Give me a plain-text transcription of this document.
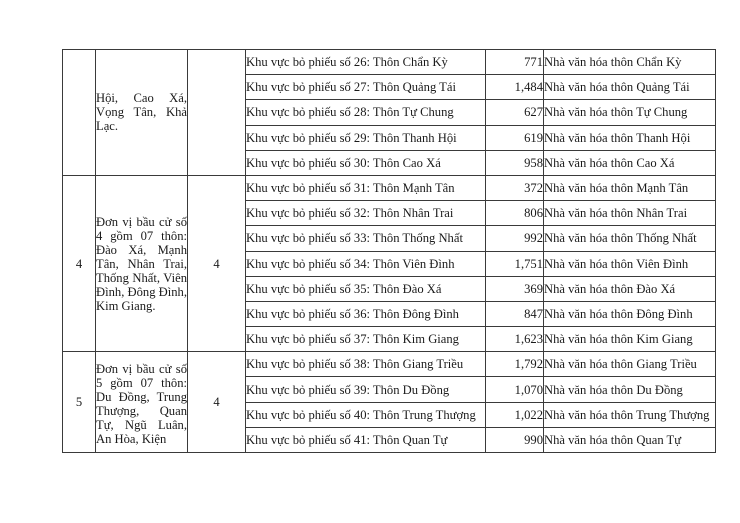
	Hội, Cao Xá, Vọng Tân, Khả Lạc.		Khu vực bỏ phiếu số 26: Thôn Chẩn Kỳ	771	Nhà văn hóa thôn Chẩn Kỳ
			Khu vực bỏ phiếu số 27: Thôn Quảng Tái	1,484	Nhà văn hóa thôn Quảng Tái
			Khu vực bỏ phiếu số 28: Thôn Tự Chung	627	Nhà văn hóa thôn Tự Chung
			Khu vực bỏ phiếu số 29: Thôn Thanh Hội	619	Nhà văn hóa thôn Thanh Hội
			Khu vực bỏ phiếu số 30: Thôn Cao Xá	958	Nhà văn hóa thôn Cao Xá
4	Đơn vị bầu cử số 4 gồm 07 thôn: Đào Xá, Mạnh Tân, Nhân Trai, Thống Nhất, Viên Đình, Đông Đình, Kim Giang.	4	Khu vực bỏ phiếu số 31: Thôn Mạnh Tân	372	Nhà văn hóa thôn Mạnh Tân
			Khu vực bỏ phiếu số 32: Thôn Nhân Trai	806	Nhà văn hóa thôn Nhân Trai
			Khu vực bỏ phiếu số 33: Thôn Thống Nhất	992	Nhà văn hóa thôn Thống Nhất
			Khu vực bỏ phiếu số 34: Thôn Viên Đình	1,751	Nhà văn hóa thôn Viên Đình
			Khu vực bỏ phiếu số 35: Thôn Đào Xá	369	Nhà văn hóa thôn Đào Xá
			Khu vực bỏ phiếu số 36: Thôn Đông Đình	847	Nhà văn hóa thôn Đông Đình
			Khu vực bỏ phiếu số 37: Thôn Kim Giang	1,623	Nhà văn hóa thôn Kim Giang
5	Đơn vị bầu cử số 5 gồm 07 thôn: Du Đồng, Trung Thượng, Quan Tự, Ngũ Luân, An Hòa, Kiện	4	Khu vực bỏ phiếu số 38: Thôn Giang Triều	1,792	Nhà văn hóa thôn Giang Triều
			Khu vực bỏ phiếu số 39: Thôn Du Đồng	1,070	Nhà văn hóa thôn Du Đồng
			Khu vực bỏ phiếu số 40: Thôn Trung Thượng	1,022	Nhà văn hóa thôn Trung Thượng
			Khu vực bỏ phiếu số 41: Thôn Quan Tự	990	Nhà văn hóa thôn Quan Tự
